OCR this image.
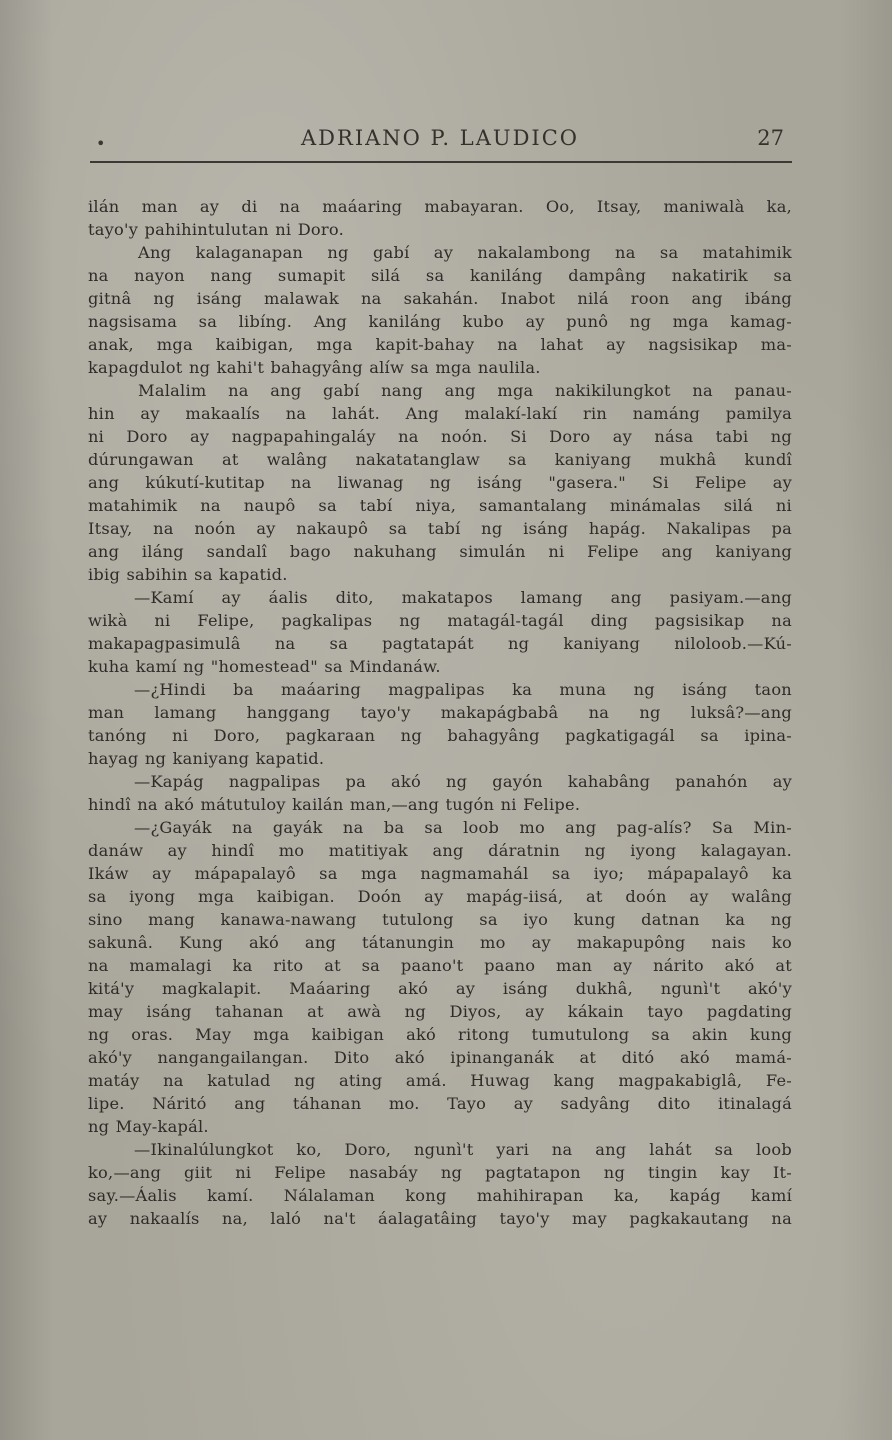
•	ADRIANO P. LAUDICO	27
ilán man ay di na maáaring mabayaran. Oo, Itsay, maniwalà ka,
tayo'y pahihintulutan ni Doro.
Ang kalaganapan ng gabí ay nakalambong na sa matahimik
na nayon nang sumapit silá sa kaniláng dampâng nakatirik sa
gitnâ ng isáng malawak na sakahán. Inabot nilá roon ang ibáng
nagsisama sa libíng. Ang kaniláng kubo ay punô ng mga kamag-
anak, mga kaibigan, mga kapit-bahay na lahat ay nagsisikap ma-
kapagdulot ng kahi't bahagyâng alíw sa mga naulila.
Malalim na ang gabí nang ang mga nakikilungkot na panau-
hin ay makaalís na lahát. Ang malakí-lakí rin namáng pamilya
ni Doro ay nagpapahingaláy na noón. Si Doro ay nása tabi ng
dúrungawan at walâng nakatatanglaw sa kaniyang mukhâ kundî
ang kúkutí-kutitap na liwanag ng isáng "gasera." Si Felipe ay
matahimik na naupô sa tabí niya, samantalang minámalas silá ni
Itsay, na noón ay nakaupô sa tabí ng isáng hapág. Nakalipas pa
ang iláng sandalî bago nakuhang simulán ni Felipe ang kaniyang
ibig sabihin sa kapatid.
—Kamí ay áalis dito, makatapos lamang ang pasiyam.—ang
wikà ni Felipe, pagkalipas ng matagál-tagál ding pagsisikap na
makapagpasimulâ na sa pagtatapát ng kaniyang niloloob.—Kú-
kuha kamí ng "homestead" sa Mindanáw.
—¿Hindi ba maáaring magpalipas ka muna ng isáng taon
man lamang hanggang tayo'y makapágbabâ na ng luksâ?—ang
tanóng ni Doro, pagkaraan ng bahagyâng pagkatigagál sa ipina-
hayag ng kaniyang kapatid.
—Kapág nagpalipas pa akó ng gayón kahabâng panahón ay
hindî na akó mátutuloy kailán man,—ang tugón ni Felipe.
—¿Gayák na gayák na ba sa loob mo ang pag-alís? Sa Min-
danáw ay hindî mo matitiyak ang dáratnin ng iyong kalagayan.
Ikáw ay mápapalayô sa mga nagmamahál sa iyo; mápapalayô ka
sa iyong mga kaibigan. Doón ay mapág-iisá, at doón ay walâng
sino mang kanawa-nawang tutulong sa iyo kung datnan ka ng
sakunâ. Kung akó ang tátanungin mo ay makapupông nais ko
na mamalagi ka rito at sa paano't paano man ay nárito akó at
kitá'y magkalapit. Maáaring akó ay isáng dukhâ, ngunì't akó'y
may isáng tahanan at awà ng Diyos, ay kákain tayo pagdating
ng oras. May mga kaibigan akó ritong tumutulong sa akin kung
akó'y nangangailangan. Dito akó ipinanganák at ditó akó mamá-
matáy na katulad ng ating amá. Huwag kang magpakabiglâ, Fe-
lipe. Náritó ang táhanan mo. Tayo ay sadyâng dito itinalagá
ng May-kapál.
—Ikinalúlungkot ko, Doro, ngunì't yari na ang lahát sa loob
ko,—ang giit ni Felipe nasabáy ng pagtatapon ng tingin kay It-
say.—Áalis kamí. Nálalaman kong mahihirapan ka, kapág kamí
ay nakaalís na, laló na't áalagatâing tayo'y may pagkakautang na
